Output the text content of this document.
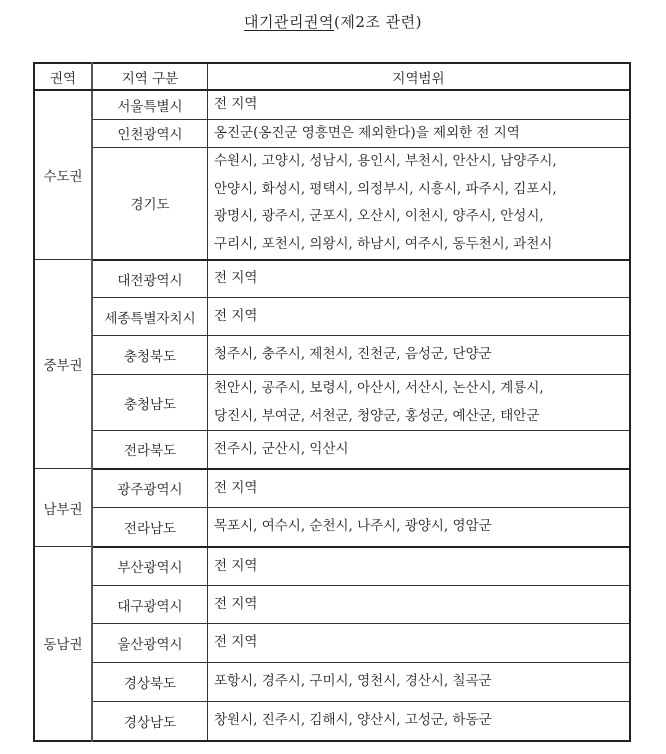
대기관리권역(제2조 관련)
권역	지역 구분	지역범위
수도권	서울특별시	전 지역

	인천광역시	옹진군(옹진군 영흥면은 제외한다)을 제외한 전 지역

	경기도	수원시, 고양시, 성남시, 용인시, 부천시, 안산시, 남양주시,
안양시, 화성시, 평택시, 의정부시, 시흥시, 파주시, 김포시,
광명시, 광주시, 군포시, 오산시, 이천시, 양주시, 안성시,
구리시, 포천시, 의왕시, 하남시, 여주시, 동두천시, 과천시

중부권	대전광역시	전 지역

	세종특별자치시	전 지역

	충청북도	청주시, 충주시, 제천시, 진천군, 음성군, 단양군

	충청남도	천안시, 공주시, 보령시, 아산시, 서산시, 논산시, 계룡시,
당진시, 부여군, 서천군, 청양군, 홍성군, 예산군, 태안군

	전라북도	전주시, 군산시, 익산시

남부권	광주광역시	전 지역

	전라남도	목포시, 여수시, 순천시, 나주시, 광양시, 영암군

동남권	부산광역시	전 지역

	대구광역시	전 지역

	울산광역시	전 지역

	경상북도	포항시, 경주시, 구미시, 영천시, 경산시, 칠곡군

	경상남도	창원시, 진주시, 김해시, 양산시, 고성군, 하동군
